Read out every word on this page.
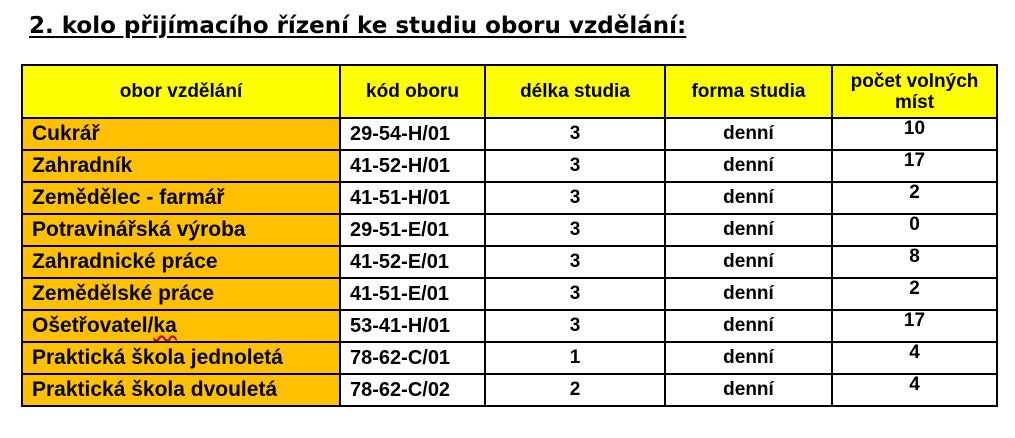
2. kolo přijímacího řízení ke studiu oboru vzdělání:
obor vzdělání	kód oboru	délka studia	forma studia	počet volných míst
Cukrář	29-54-H/01	3	denní	10
Zahradník	41-52-H/01	3	denní	17
Zemědělec - farmář	41-51-H/01	3	denní	2
Potravinářská výroba	29-51-E/01	3	denní	0
Zahradnické práce	41-52-E/01	3	denní	8
Zemědělské práce	41-51-E/01	3	denní	2
Ošetřovatel/ka	53-41-H/01	3	denní	17
Praktická škola jednoletá	78-62-C/01	1	denní	4
Praktická škola dvouletá	78-62-C/02	2	denní	4
